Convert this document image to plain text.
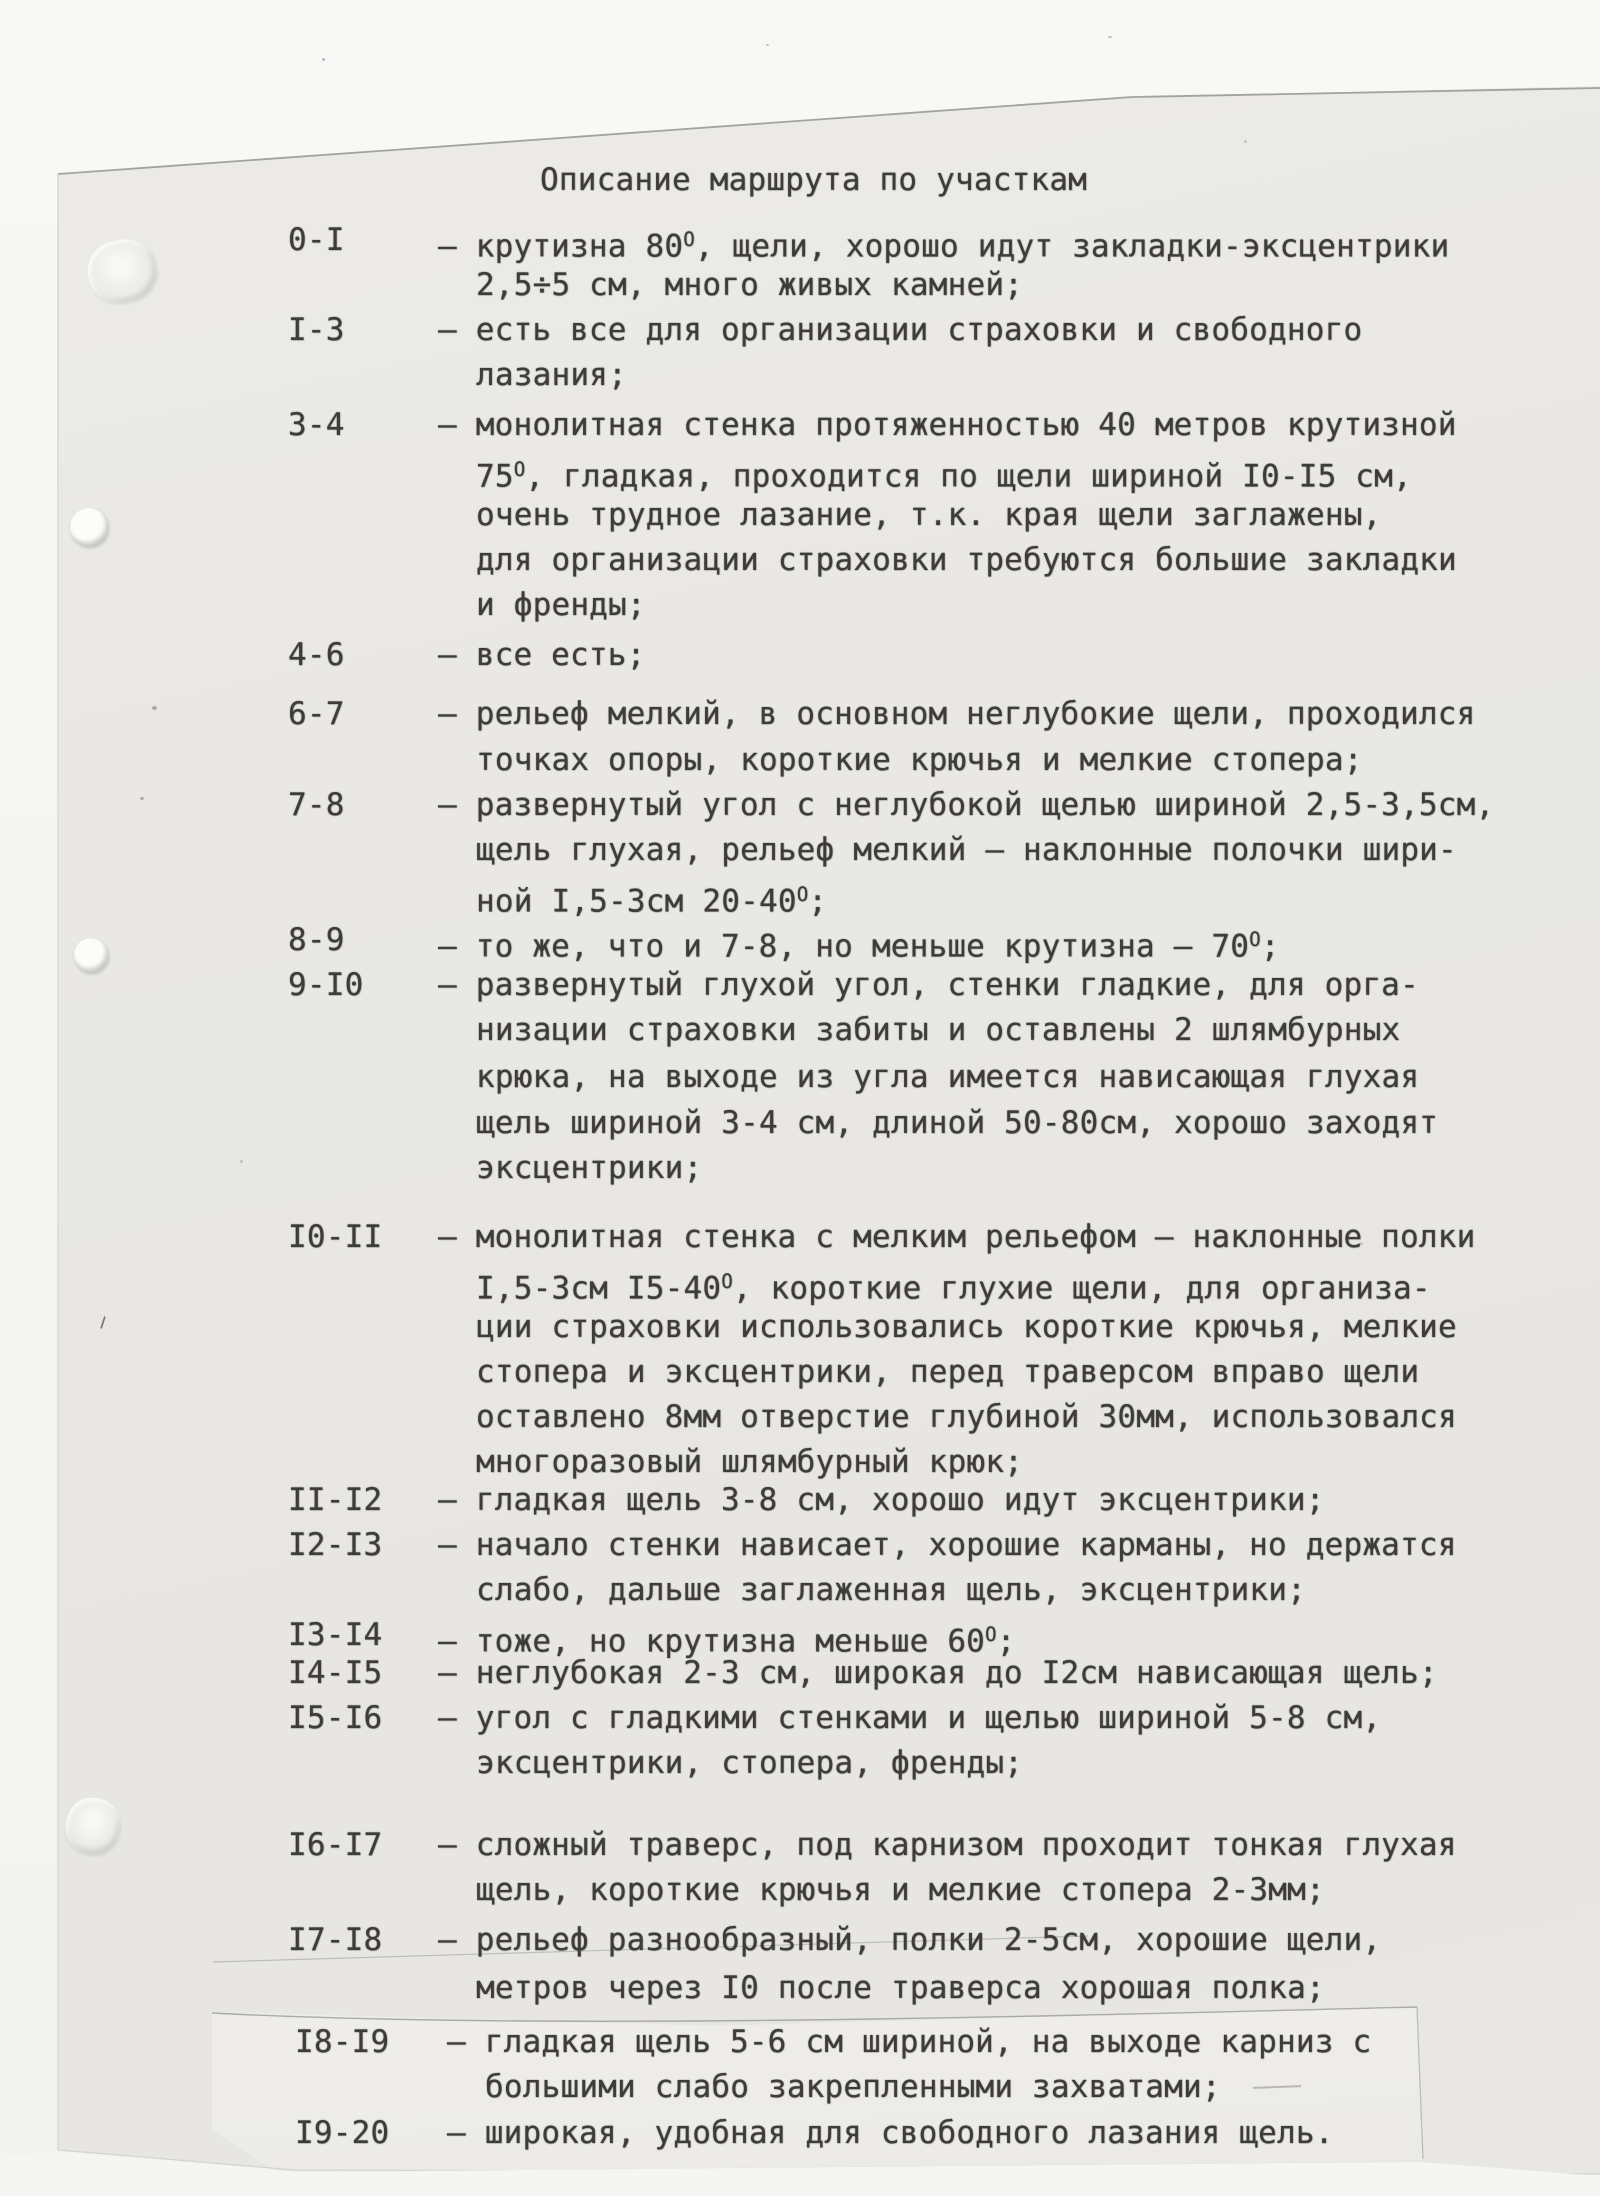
Описание маршрута по участкам
0-I	– крутизна $80^O$, щели, хорошо идут закладки-эксцентрики
2,5÷5 см, много живых камней;
I-3	– есть все для организации страховки и свободного
лазания;
3-4	– монолитная стенка протяженностью 40 метров крутизной
$75^O$, гладкая, проходится по щели шириной I0-I5 см,
очень трудное лазание, т.к. края щели заглажены,
для организации страховки требуются большие закладки
и френды;
4-6	– все есть;
6-7	– рельеф мелкий, в основном неглубокие щели, проходился
точках опоры, короткие крючья и мелкие стопера;
7-8	– развернутый угол с неглубокой щелью шириной 2,5-3,5см,
щель глухая, рельеф мелкий – наклонные полочки шири-
ной I,5-3см $20-40^O$;
8-9	– то же, что и 7-8, но меньше крутизна – $70^O$;
9-I0 – развернутый глухой угол, стенки гладкие, для орга-
низации страховки забиты и оставлены 2 шлямбурных
крюка, на выходе из угла имеется нависающая глухая
щель шириной 3-4 см, длиной 50-80см, хорошо заходят
эксцентрики;
I0-II – монолитная стенка с мелким рельефом – наклонные полки
I,5-3см $I5-40^O$, короткие глухие щели, для организа-
ции страховки использовались короткие крючья, мелкие
стопера и эксцентрики, перед траверсом вправо щели
оставлено 8мм отверстие глубиной 30мм, использовался
многоразовый шлямбурный крюк;
II-I2 – гладкая щель 3-8 см, хорошо идут эксцентрики;
I2-I3 – начало стенки нависает, хорошие карманы, но держатся
слабо, дальше заглаженная щель, эксцентрики;
I3-I4 – тоже, но крутизна меньше $60^O$;
I4-I5 – неглубокая 2-3 см, широкая до I2см нависающая щель;
I5-I6 – угол с гладкими стенками и щелью шириной 5-8 см,
эксцентрики, стопера, френды;
I6-I7 – сложный траверс, под карнизом проходит тонкая глухая
щель, короткие крючья и мелкие стопера 2-3мм;
I7-I8 – рельеф разнообразный, полки 2-5см, хорошие щели,
метров через I0 после траверса хорошая полка;
I8-I9 – гладкая щель 5-6 см шириной, на выходе карниз с
большими слабо закрепленными захватами;
I9-20 – широкая, удобная для свободного лазания щель.
